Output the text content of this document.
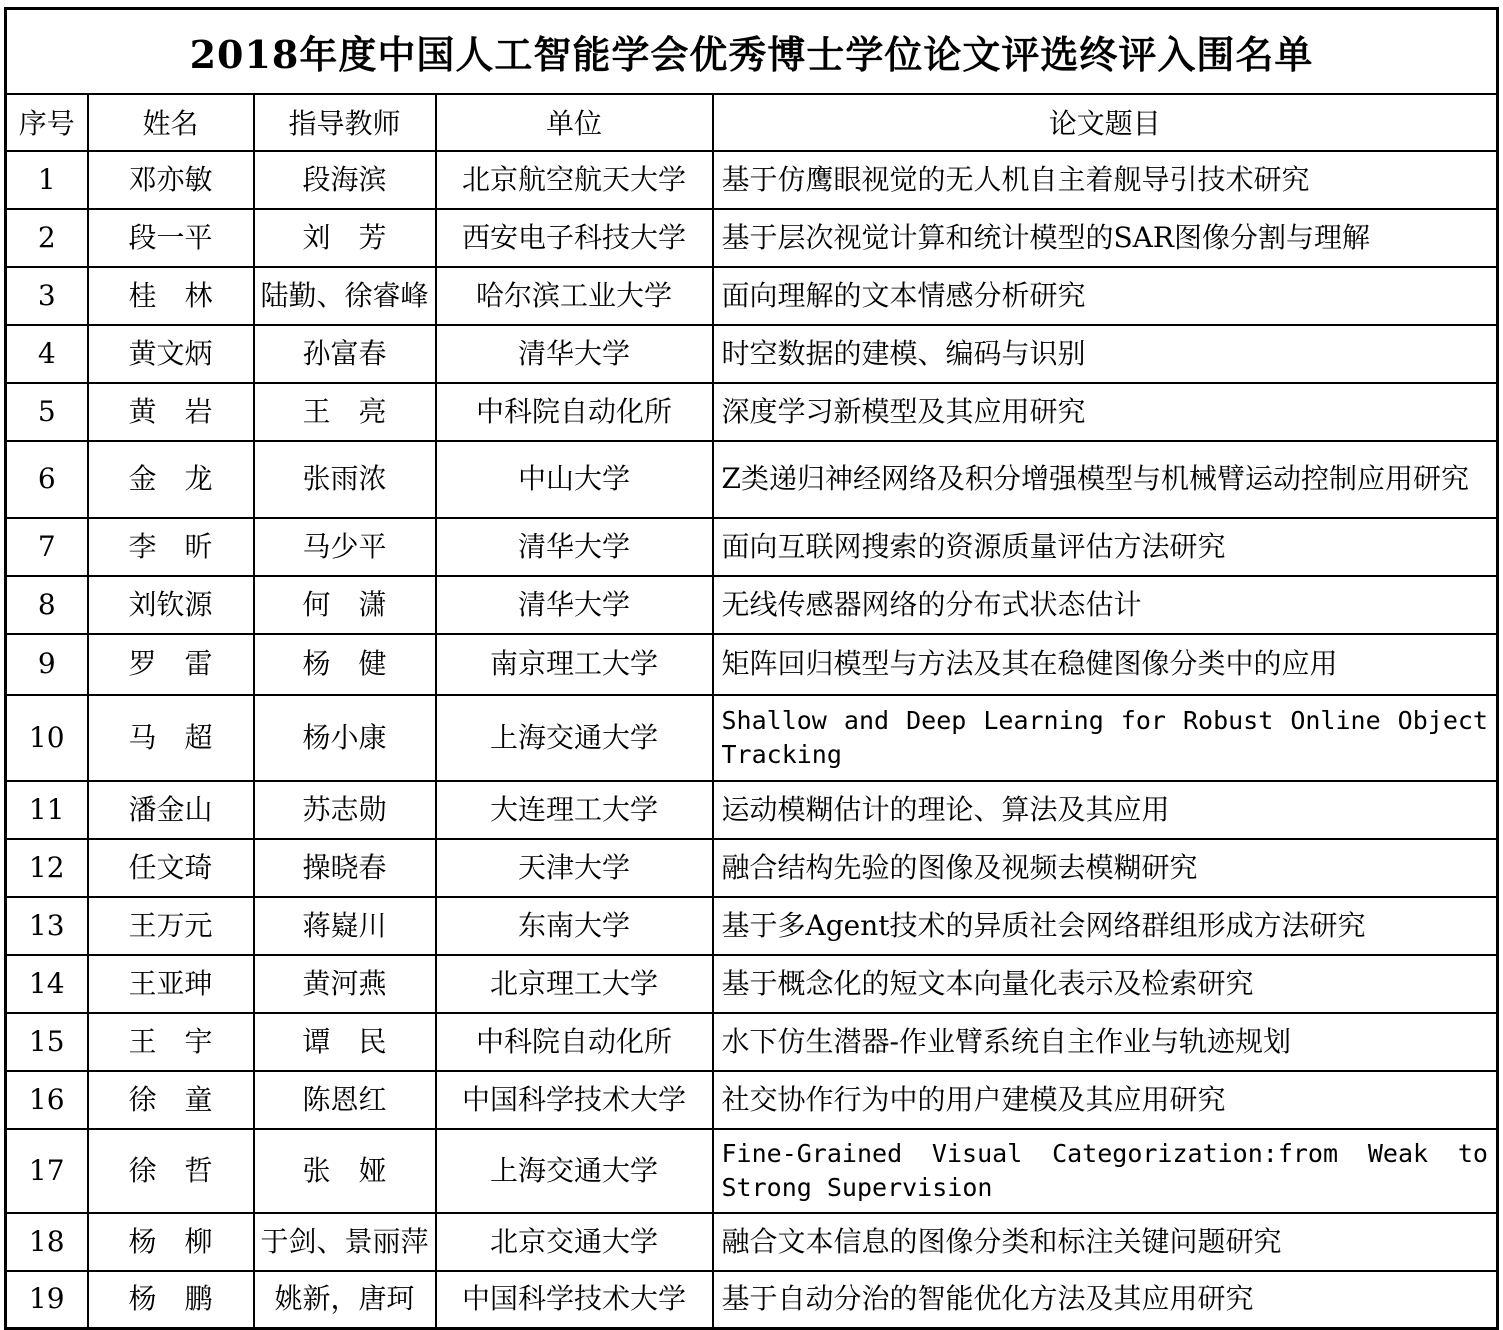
2018年度中国人工智能学会优秀博士学位论文评选终评入围名单				
序号	姓名	指导教师	单位	论文题目
1	邓亦敏	段海滨	北京航空航天大学	基于仿鹰眼视觉的无人机自主着舰导引技术研究
2	段一平	刘　芳	西安电子科技大学	基于层次视觉计算和统计模型的SAR图像分割与理解
3	桂　林	陆勤、徐睿峰	哈尔滨工业大学	面向理解的文本情感分析研究
4	黄文炳	孙富春	清华大学	时空数据的建模、编码与识别
5	黄　岩	王　亮	中科院自动化所	深度学习新模型及其应用研究
6	金　龙	张雨浓	中山大学	Z类递归神经网络及积分增强模型与机械臂运动控制应用研究
7	李　昕	马少平	清华大学	面向互联网搜索的资源质量评估方法研究
8	刘钦源	何　潇	清华大学	无线传感器网络的分布式状态估计
9	罗　雷	杨　健	南京理工大学	矩阵回归模型与方法及其在稳健图像分类中的应用
10	马　超	杨小康	上海交通大学	Shallow and Deep Learning for Robust Online Object Tracking
11	潘金山	苏志勋	大连理工大学	运动模糊估计的理论、算法及其应用
12	任文琦	操晓春	天津大学	融合结构先验的图像及视频去模糊研究
13	王万元	蒋嶷川	东南大学	基于多Agent技术的异质社会网络群组形成方法研究
14	王亚珅	黄河燕	北京理工大学	基于概念化的短文本向量化表示及检索研究
15	王　宇	谭　民	中科院自动化所	水下仿生潜器-作业臂系统自主作业与轨迹规划
16	徐　童	陈恩红	中国科学技术大学	社交协作行为中的用户建模及其应用研究
17	徐　哲	张　娅	上海交通大学	Fine-Grained Visual Categorization:from Weak to Strong Supervision
18	杨　柳	于剑、景丽萍	北京交通大学	融合文本信息的图像分类和标注关键问题研究
19	杨　鹏	姚新，唐珂	中国科学技术大学	基于自动分治的智能优化方法及其应用研究
